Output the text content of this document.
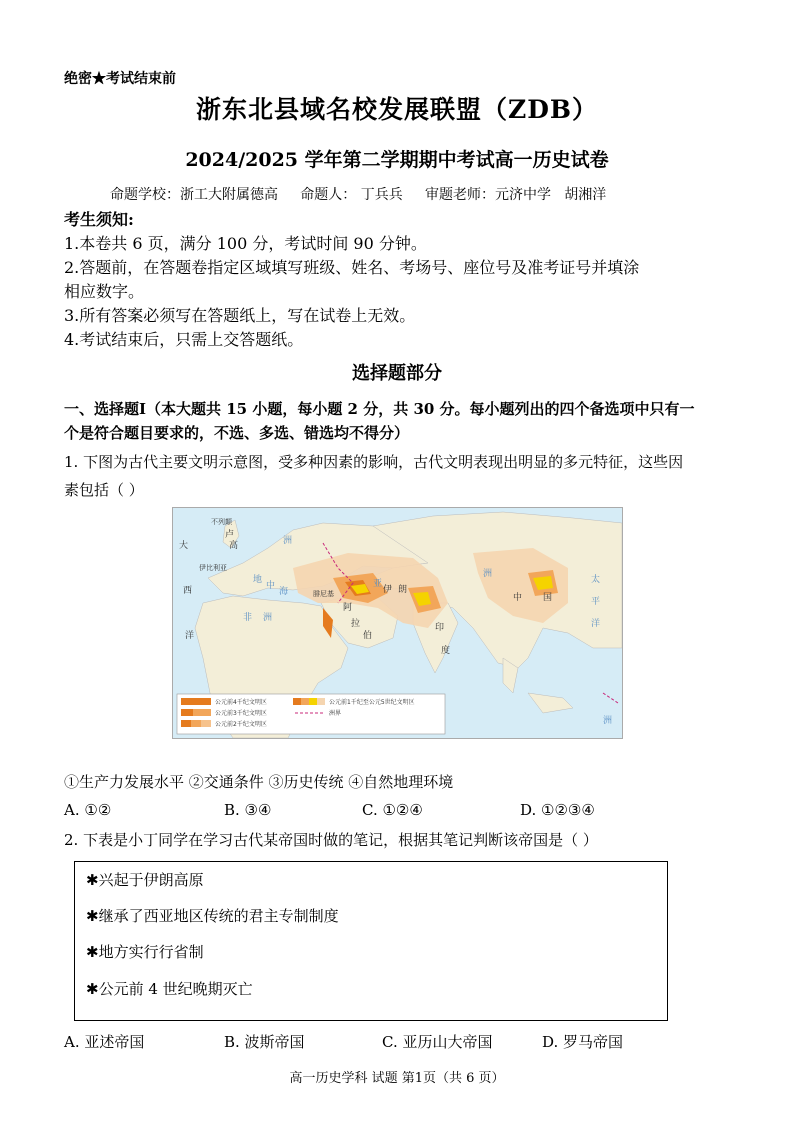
绝密★考试结束前
浙东北县域名校发展联盟（ZDB）
2024/2025 学年第二学期期中考试高一历史试卷
命题学校：浙工大附属德高     命题人： 丁兵兵     审题老师：元济中学   胡湘洋
考生须知:
1.本卷共 6 页，满分 100 分，考试时间 90 分钟。
2.答题前，在答题卷指定区域填写班级、姓名、考场号、座位号及准考证号并填涂
相应数字。
3.所有答案必须写在答题纸上，写在试卷上无效。
4.考试结束后，只需上交答题纸。
选择题部分
一、选择题Ⅰ（本大题共 15 小题，每小题 2 分，共 30 分。每小题列出的四个备选项中只有一
个是符合题目要求的，不选、多选、错选均不得分）
1. 下图为古代主要文明示意图，受多种因素的影响，古代文明表现出明显的多元特征，这些因
素包括（ ）
大
西
洋
不列颠
卢
高	洲
伊比利亚
地
中
海
非 洲
亚
伊 朗
腓尼基
阿
拉
伯
印
度
中 国
洲
太
平
洋
洲
公元前4千纪文明区
公元前3千纪文明区
公元前2千纪文明区
公元前1千纪至公元5世纪文明区
洲界
①生产力发展水平 ②交通条件 ③历史传统 ④自然地理环境
A. ①②	B. ③④	C. ①②④	D. ①②③④
2. 下表是小丁同学在学习古代某帝国时做的笔记，根据其笔记判断该帝国是（ ）
✱兴起于伊朗高原
✱继承了西亚地区传统的君主专制制度
✱地方实行行省制
✱公元前 4 世纪晚期灭亡
A. 亚述帝国	B. 波斯帝国	C. 亚历山大帝国	D. 罗马帝国
高一历史学科 试题 第1页（共 6 页）
